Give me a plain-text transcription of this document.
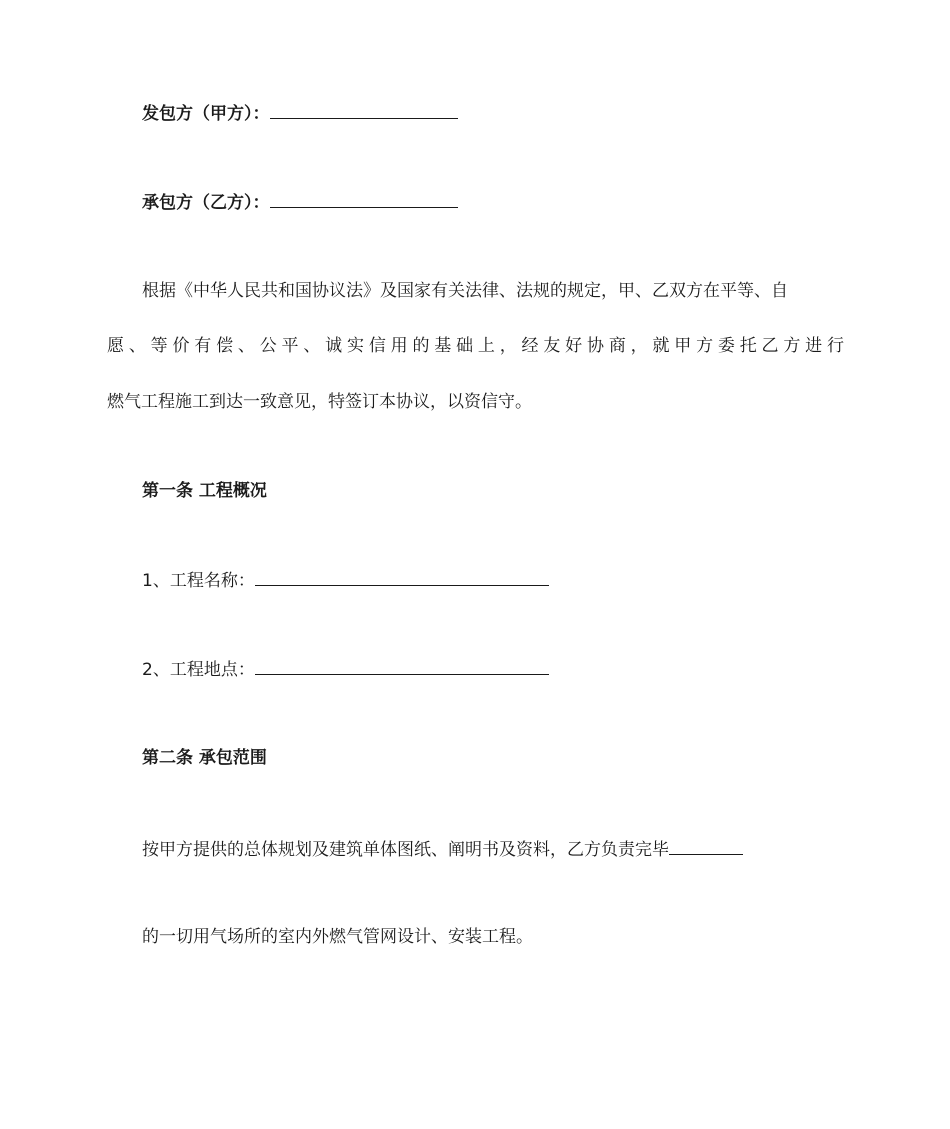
发包方（甲方）：
承包方（乙方）：
根据《中华人民共和国协议法》及国家有关法律、法规的规定，甲、乙双方在平等、自
愿、等价有偿、公平、诚实信用的基础上，经友好协商，就甲方委托乙方进行
燃气工程施工到达一致意见，特签订本协议，以资信守。
第一条 工程概况
1、工程名称：
2、工程地点：
第二条 承包范围
按甲方提供的总体规划及建筑单体图纸、阐明书及资料，乙方负责完毕
的一切用气场所的室内外燃气管网设计、安装工程。
